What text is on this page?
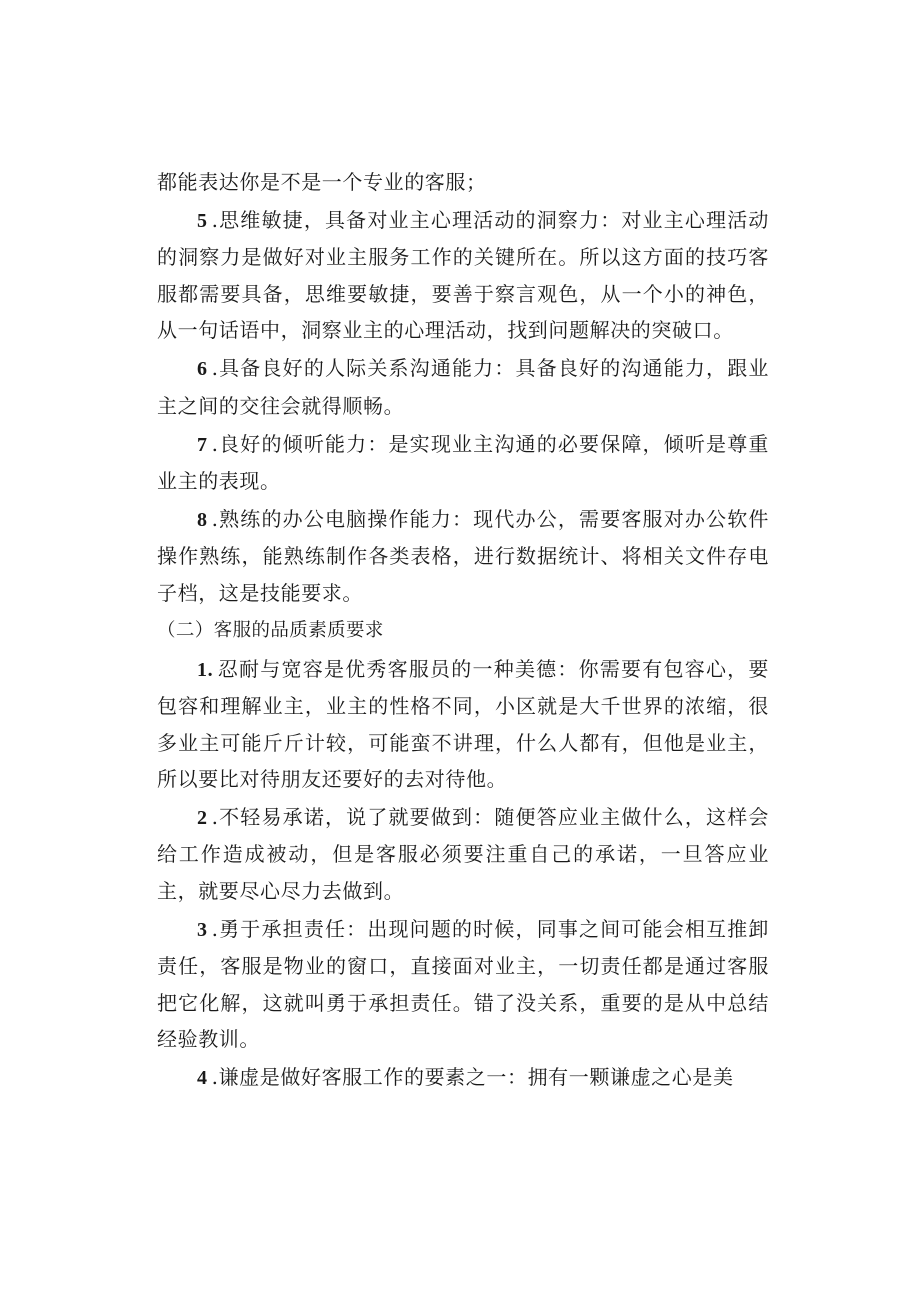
都能表达你是不是一个专业的客服；

5 .思维敏捷，具备对业主心理活动的洞察力：对业主心理活动的洞察力是做好对业主服务工作的关键所在。所以这方面的技巧客服都需要具备，思维要敏捷，要善于察言观色，从一个小的神色，从一句话语中，洞察业主的心理活动，找到问题解决的突破口。

6 .具备良好的人际关系沟通能力：具备良好的沟通能力，跟业主之间的交往会就得顺畅。

7 .良好的倾听能力：是实现业主沟通的必要保障，倾听是尊重业主的表现。

8 .熟练的办公电脑操作能力：现代办公，需要客服对办公软件操作熟练，能熟练制作各类表格，进行数据统计、将相关文件存电子档，这是技能要求。

（二）客服的品质素质要求

1. 忍耐与宽容是优秀客服员的一种美德：你需要有包容心，要包容和理解业主，业主的性格不同，小区就是大千世界的浓缩，很多业主可能斤斤计较，可能蛮不讲理，什么人都有，但他是业主，所以要比对待朋友还要好的去对待他。

2 .不轻易承诺，说了就要做到：随便答应业主做什么，这样会给工作造成被动，但是客服必须要注重自己的承诺，一旦答应业主，就要尽心尽力去做到。

3 .勇于承担责任：出现问题的时候，同事之间可能会相互推卸责任，客服是物业的窗口，直接面对业主，一切责任都是通过客服把它化解，这就叫勇于承担责任。错了没关系，重要的是从中总结经验教训。

4 .谦虚是做好客服工作的要素之一：拥有一颗谦虚之心是美
